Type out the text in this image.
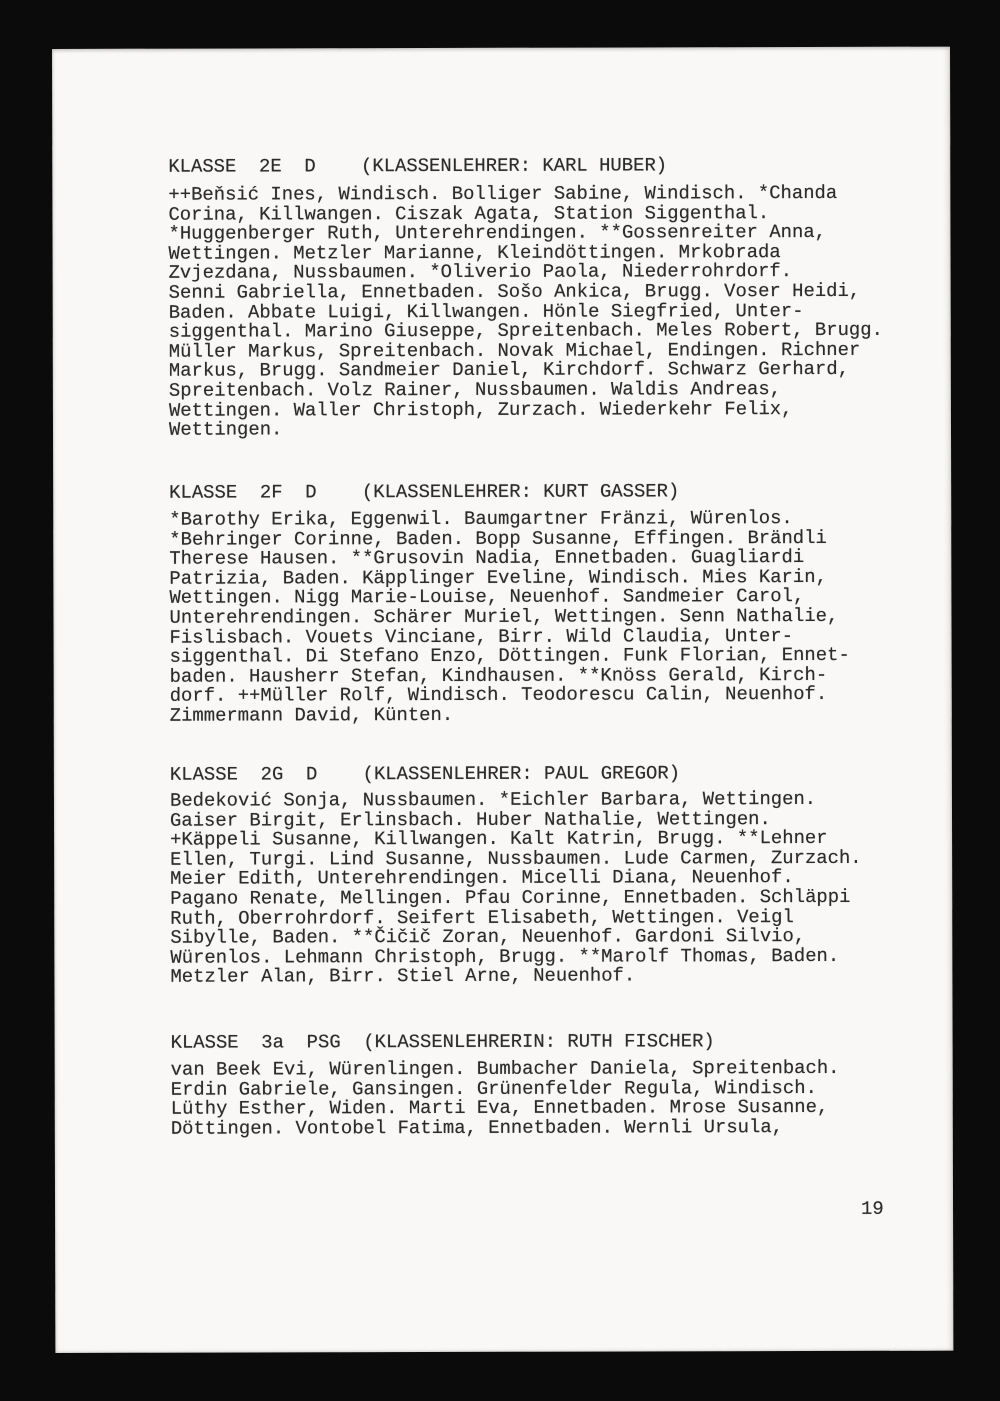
KLASSE  2E  D    (KLASSENLEHRER: KARL HUBER)

++Beňsić Ines, Windisch. Bolliger Sabine, Windisch. *Chanda
Corina, Killwangen. Ciszak Agata, Station Siggenthal.
*Huggenberger Ruth, Unterehrendingen. **Gossenreiter Anna,
Wettingen. Metzler Marianne, Kleindöttingen. Mrkobrada
Zvjezdana, Nussbaumen. *Oliverio Paola, Niederrohrdorf.
Senni Gabriella, Ennetbaden. Sošo Ankica, Brugg. Voser Heidi,
Baden. Abbate Luigi, Killwangen. Hönle Siegfried, Unter-
siggenthal. Marino Giuseppe, Spreitenbach. Meles Robert, Brugg.
Müller Markus, Spreitenbach. Novak Michael, Endingen. Richner
Markus, Brugg. Sandmeier Daniel, Kirchdorf. Schwarz Gerhard,
Spreitenbach. Volz Rainer, Nussbaumen. Waldis Andreas,
Wettingen. Waller Christoph, Zurzach. Wiederkehr Felix,
Wettingen.

KLASSE  2F  D    (KLASSENLEHRER: KURT GASSER)

*Barothy Erika, Eggenwil. Baumgartner Fränzi, Würenlos.
*Behringer Corinne, Baden. Bopp Susanne, Effingen. Brändli
Therese Hausen. **Grusovin Nadia, Ennetbaden. Guagliardi
Patrizia, Baden. Käpplinger Eveline, Windisch. Mies Karin,
Wettingen. Nigg Marie-Louise, Neuenhof. Sandmeier Carol,
Unterehrendingen. Schärer Muriel, Wettingen. Senn Nathalie,
Fislisbach. Vouets Vinciane, Birr. Wild Claudia, Unter-
siggenthal. Di Stefano Enzo, Döttingen. Funk Florian, Ennet-
baden. Hausherr Stefan, Kindhausen. **Knöss Gerald, Kirch-
dorf. ++Müller Rolf, Windisch. Teodorescu Calin, Neuenhof.
Zimmermann David, Künten.

KLASSE  2G  D    (KLASSENLEHRER: PAUL GREGOR)

Bedeković Sonja, Nussbaumen. *Eichler Barbara, Wettingen.
Gaiser Birgit, Erlinsbach. Huber Nathalie, Wettingen.
+Käppeli Susanne, Killwangen. Kalt Katrin, Brugg. **Lehner
Ellen, Turgi. Lind Susanne, Nussbaumen. Lude Carmen, Zurzach.
Meier Edith, Unterehrendingen. Micelli Diana, Neuenhof.
Pagano Renate, Mellingen. Pfau Corinne, Ennetbaden. Schläppi
Ruth, Oberrohrdorf. Seifert Elisabeth, Wettingen. Veigl
Sibylle, Baden. **Čičič Zoran, Neuenhof. Gardoni Silvio,
Würenlos. Lehmann Christoph, Brugg. **Marolf Thomas, Baden.
Metzler Alan, Birr. Stiel Arne, Neuenhof.

KLASSE  3a  PSG  (KLASSENLEHRERIN: RUTH FISCHER)

van Beek Evi, Würenlingen. Bumbacher Daniela, Spreitenbach.
Erdin Gabriele, Gansingen. Grünenfelder Regula, Windisch.
Lüthy Esther, Widen. Marti Eva, Ennetbaden. Mrose Susanne,
Döttingen. Vontobel Fatima, Ennetbaden. Wernli Ursula,

19
